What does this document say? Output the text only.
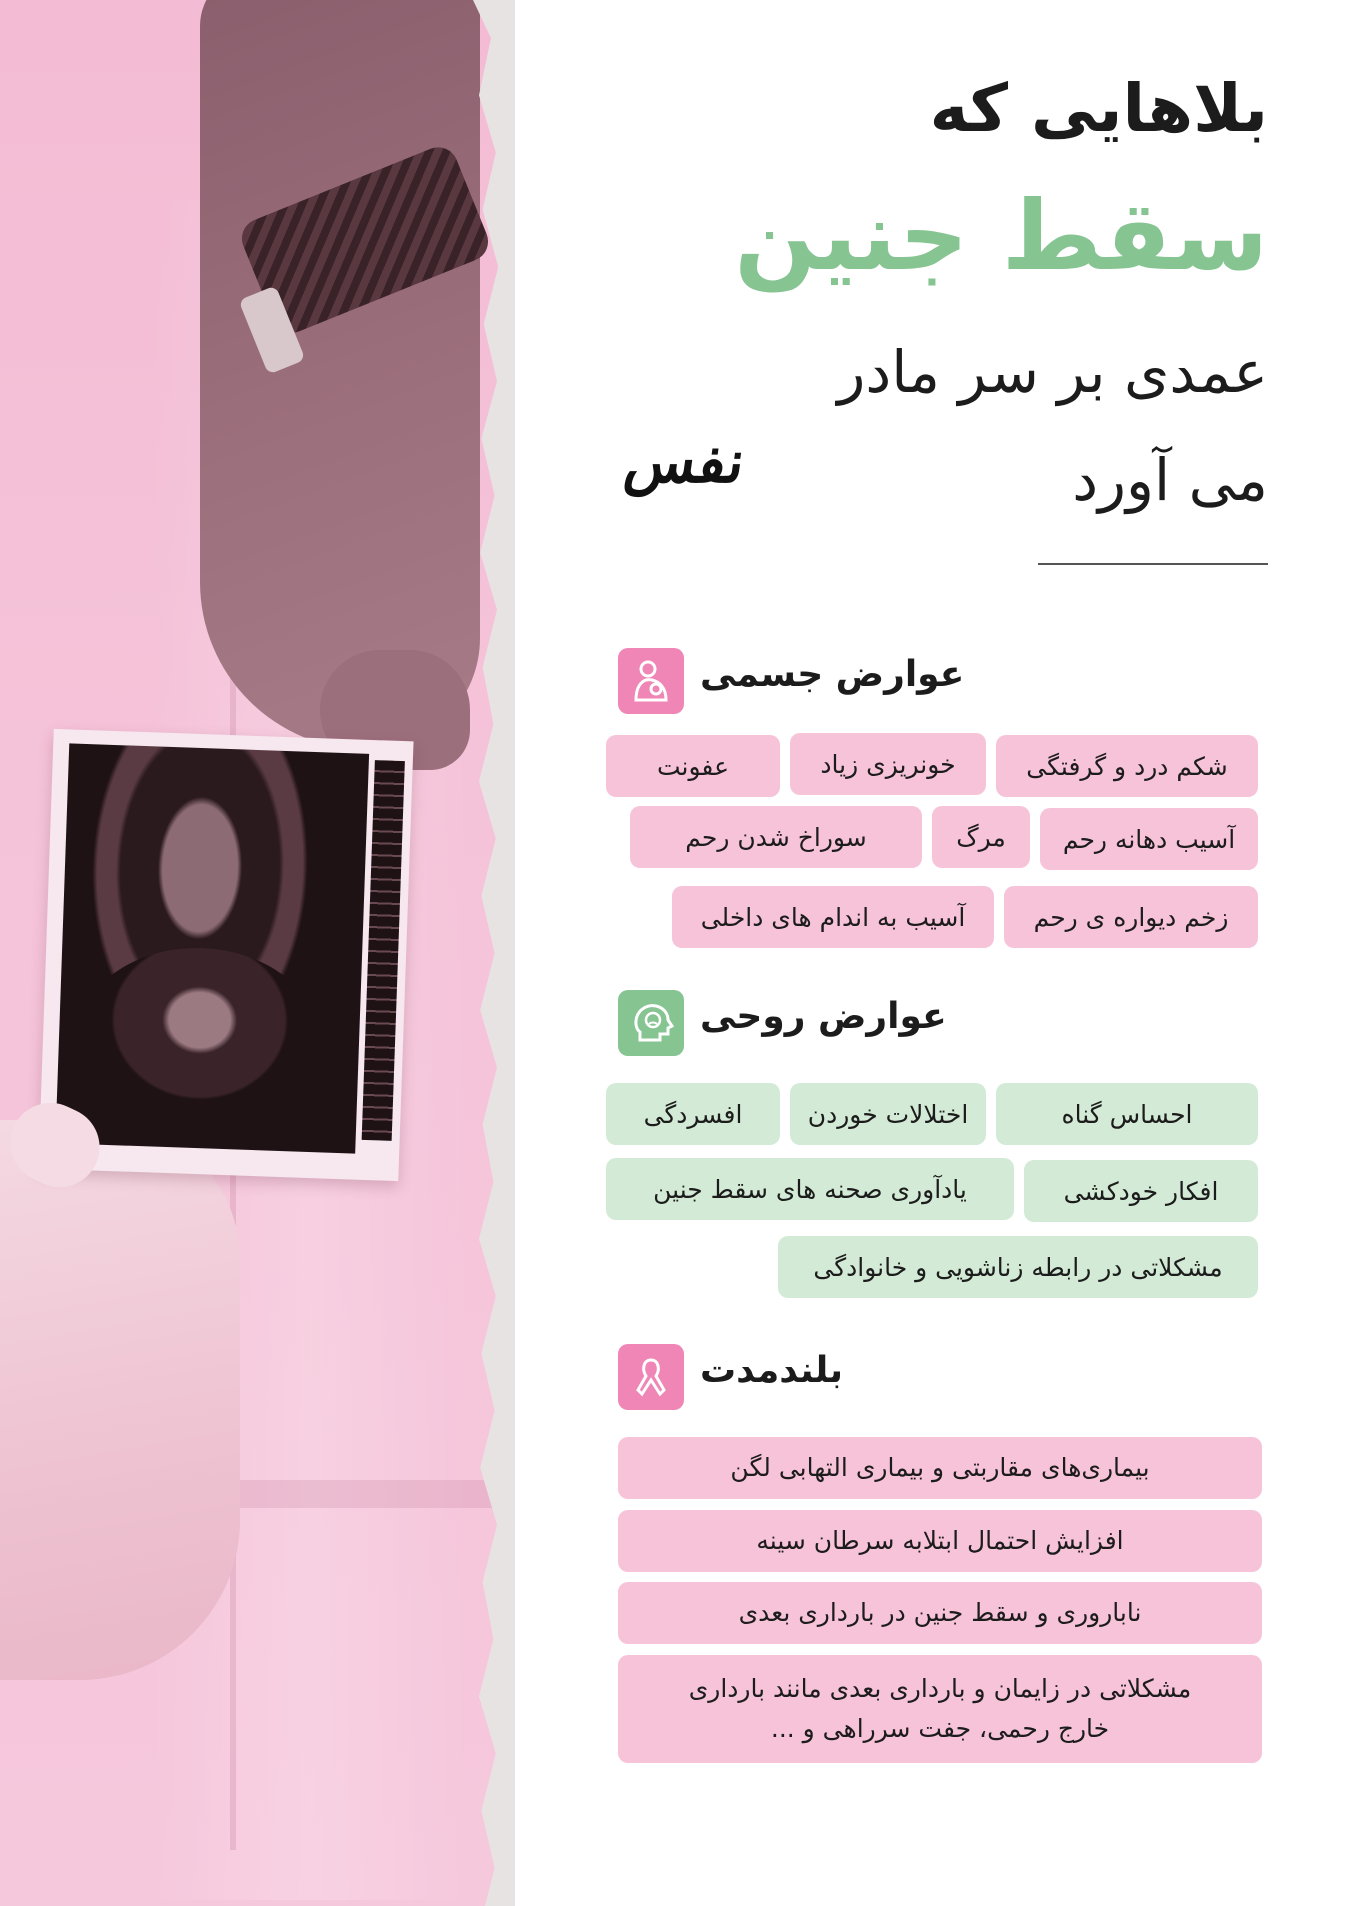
بلاهایی که
سقط جنین
عمدی بر سر مادر
می آورد
نفس
عوارض جسمی
شکم درد و گرفتگی
خونریزی زیاد
عفونت
آسیب دهانه رحم
مرگ
سوراخ شدن رحم
زخم دیواره ی رحم
آسیب به اندام های داخلی
عوارض روحی
احساس گناه
اختلالات خوردن
افسردگی
افکار خودکشی
یادآوری صحنه های سقط جنین
مشکلاتی در رابطه زناشویی و خانوادگی
بلندمدت
بیماری‌های مقاربتی و بیماری التهابی لگن
افزایش احتمال ابتلابه سرطان سینه
ناباروری و سقط جنین در بارداری بعدی
مشکلاتی در زایمان و بارداری بعدی مانند بارداری خارج رحمی، جفت سرراهی و ...
